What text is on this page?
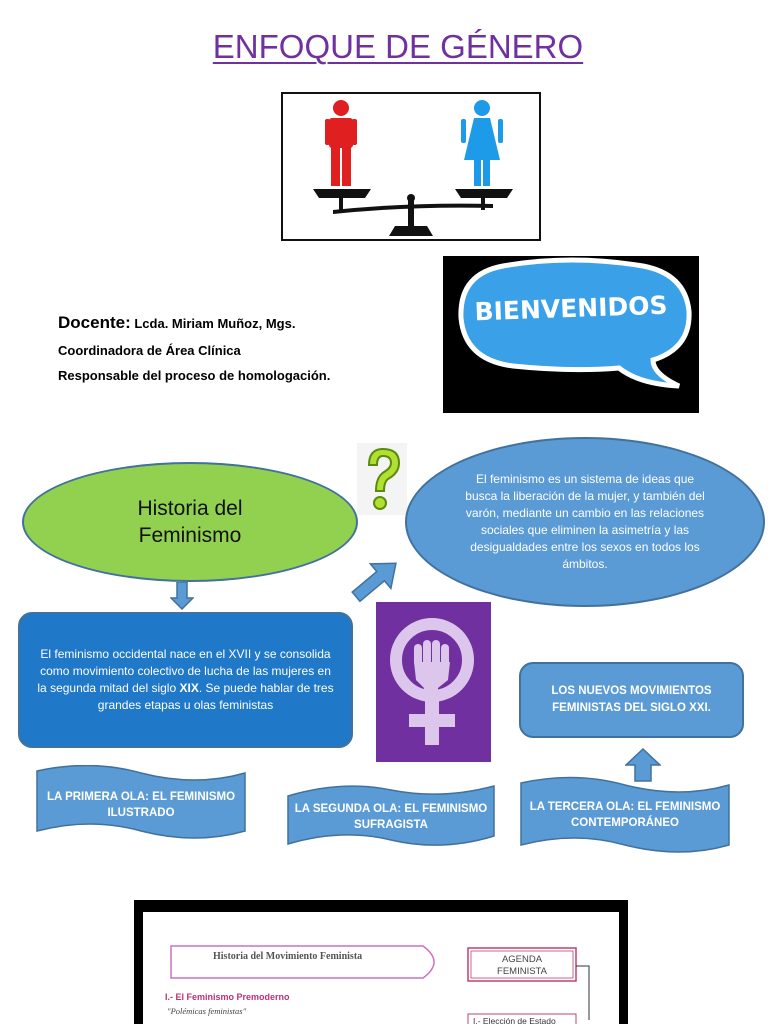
ENFOQUE DE GÉNERO
BIENVENIDOS
Docente: Lcda. Miriam Muñoz, Mgs.
Coordinadora de Área Clínica
Responsable del proceso de homologación.
Historia del
Feminismo
El feminismo es un sistema de ideas que busca la liberación de la mujer, y también del varón, mediante un cambio en las relaciones sociales que eliminen la asimetría y las desigualdades entre los sexos en todos los ámbitos.
El feminismo occidental nace en el XVII y se consolida como movimiento colectivo de lucha de las mujeres en la segunda mitad del siglo XIX. Se puede hablar de tres grandes etapas u olas feministas
LOS NUEVOS MOVIMIENTOS FEMINISTAS DEL SIGLO XXI.
LA PRIMERA OLA: EL FEMINISMO ILUSTRADO	LA SEGUNDA OLA: EL FEMINISMO SUFRAGISTA
LA TERCERA OLA: EL FEMINISMO CONTEMPORÁNEO
Historia del Movimiento Feminista	AGENDA FEMINISTA
I.- El Feminismo Premoderno
"Polémicas feministas"
I.- Elección de Estado
